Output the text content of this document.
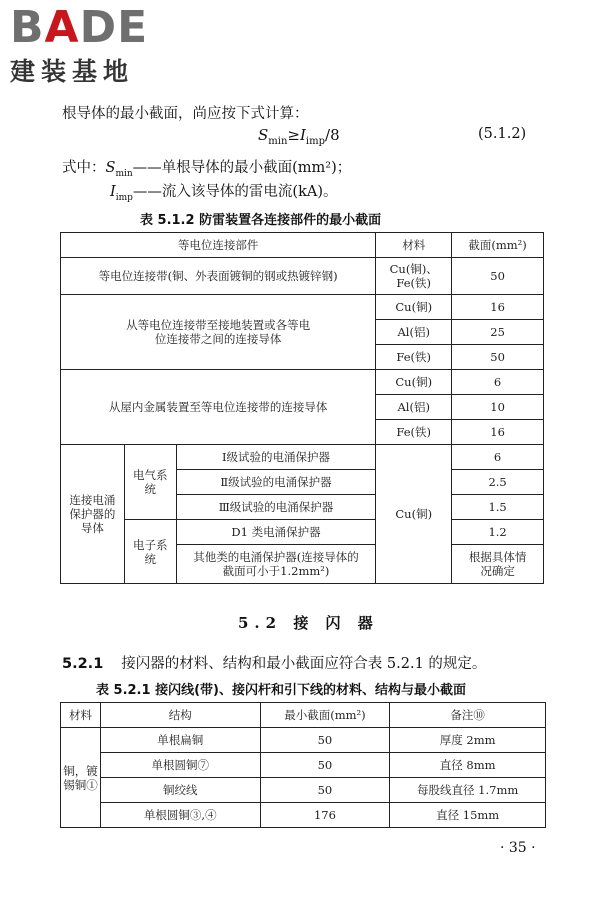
BADE
建装基地
根导体的最小截面，尚应按下式计算：
$S_{min}\ge I_{imp}/8$	(5.1.2)
式中：$S_{min}——$单根导体的最小截面(mm²)；
$I_{imp}——$流入该导体的雷电流(kA)。
表 5.1.2 防雷装置各连接部件的最小截面
等电位连接部件			材料	截面(mm²)
等电位连接带(铜、外表面镀铜的钢或热镀锌钢)			Cu(铜)、Fe(铁)	50
从等电位连接带至接地装置或各等电位连接带之间的连接导体			Cu(铜)	16
			Al(铝)	25
			Fe(铁)	50
从屋内金属装置至等电位连接带的连接导体			Cu(铜)	6
			Al(铝)	10
			Fe(铁)	16
连接电涌保护器的导体	电气系统	Ⅰ级试验的电涌保护器	Cu(铜)	6
		Ⅱ级试验的电涌保护器		2.5
		Ⅲ级试验的电涌保护器		1.5
	电子系统	D1 类电涌保护器		1.2
		其他类的电涌保护器(连接导体的截面可小于1.2mm²)		根据具体情况确定
5.2 接 闪 器
5.2.1 接闪器的材料、结构和最小截面应符合表 5.2.1 的规定。
表 5.2.1 接闪线(带)、接闪杆和引下线的材料、结构与最小截面
材料	结构	最小截面(mm²)	备注⑩
铜，镀锡铜①	单根扁铜	50	厚度 2mm
	单根圆铜⑦	50	直径 8mm
	铜绞线	50	每股线直径 1.7mm
	单根圆铜③,④	176	直径 15mm
· 35 ·
